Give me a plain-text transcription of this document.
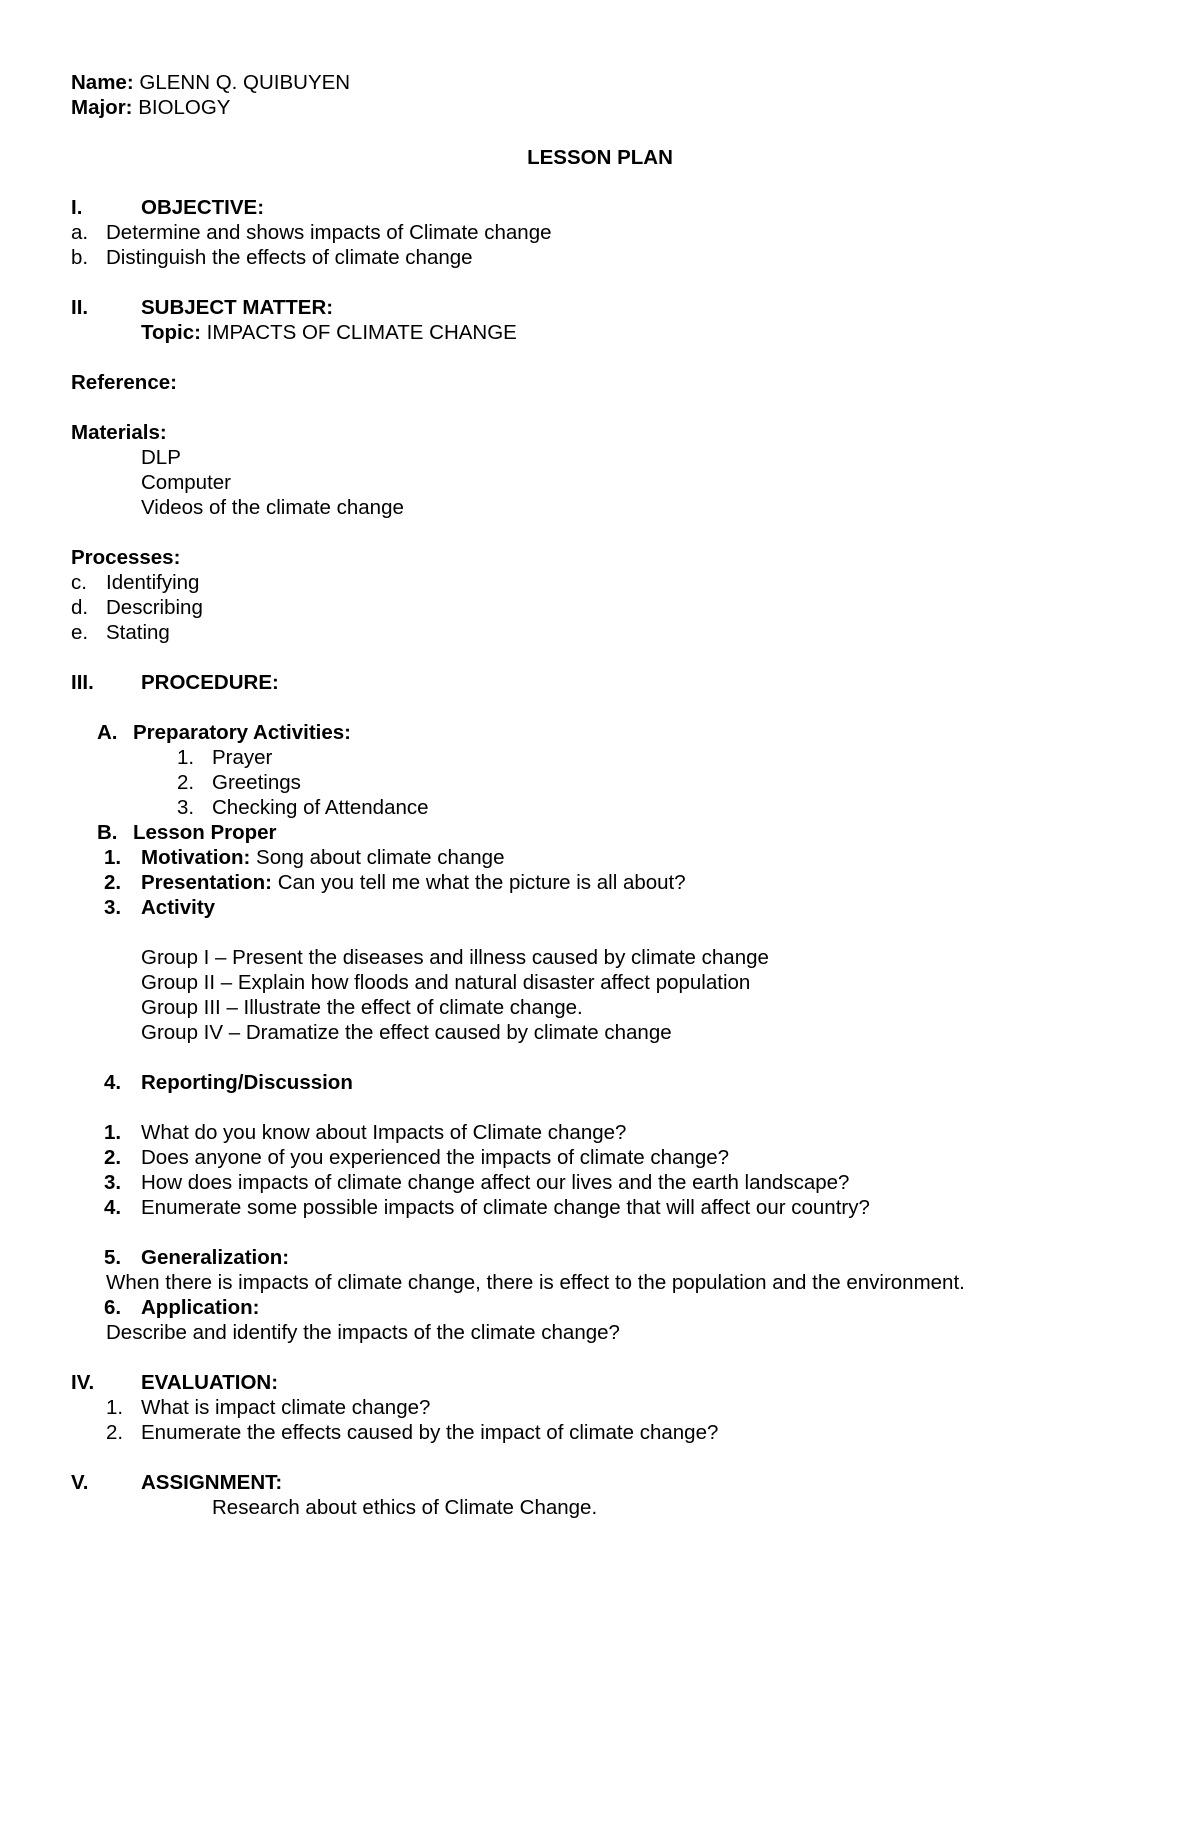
Name: GLENN Q. QUIBUYEN
Major: BIOLOGY
LESSON PLAN
I.	OBJECTIVE:
a. Determine and shows impacts of Climate change
b. Distinguish the effects of climate change
II.	SUBJECT MATTER:
Topic: IMPACTS OF CLIMATE CHANGE
Reference:
Materials:
DLP
Computer
Videos of the climate change
Processes:
c. Identifying
d. Describing
e. Stating
III. PROCEDURE:
A. Preparatory Activities:
1. Prayer
2. Greetings
3. Checking of Attendance
B. Lesson Proper
1. Motivation: Song about climate change
2. Presentation: Can you tell me what the picture is all about?
3. Activity
Group I – Present the diseases and illness caused by climate change
Group II – Explain how floods and natural disaster affect population
Group III – Illustrate the effect of climate change.
Group IV – Dramatize the effect caused by climate change
4. Reporting/Discussion
1. What do you know about Impacts of Climate change?
2. Does anyone of you experienced the impacts of climate change?
3. How does impacts of climate change affect our lives and the earth landscape?
4. Enumerate some possible impacts of climate change that will affect our country?
5. Generalization:
When there is impacts of climate change, there is effect to the population and the environment.
6. Application:
Describe and identify the impacts of the climate change?
IV. EVALUATION:
1. What is impact climate change?
2. Enumerate the effects caused by the impact of climate change?
V.	ASSIGNMENT:
Research about ethics of Climate Change.
